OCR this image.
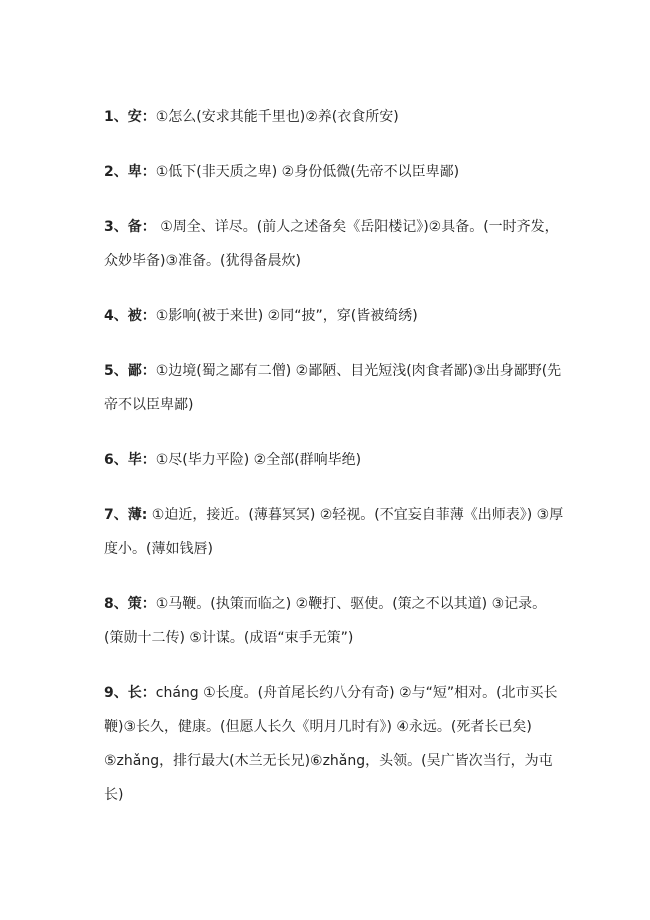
1、安：①怎么(安求其能千里也)②养(衣食所安)

2、卑：①低下(非天质之卑) ②身份低微(先帝不以臣卑鄙)

3、备： ①周全、详尽。(前人之述备矣《岳阳楼记》)②具备。(一时齐发，众妙毕备)③准备。(犹得备晨炊)

4、被：①影响(被于来世) ②同“披”，穿(皆被绮绣)

5、鄙：①边境(蜀之鄙有二僧) ②鄙陋、目光短浅(肉食者鄙)③出身鄙野(先帝不以臣卑鄙)

6、毕：①尽(毕力平险) ②全部(群响毕绝)

7、薄: ①迫近，接近。(薄暮冥冥) ②轻视。(不宜妄自菲薄《出师表》) ③厚度小。(薄如钱唇)

8、策：①马鞭。(执策而临之) ②鞭打、驱使。(策之不以其道) ③记录。(策勋十二传) ⑤计谋。(成语“束手无策”)

9、长：cháng ①长度。(舟首尾长约八分有奇) ②与“短”相对。(北市买长鞭)③长久，健康。(但愿人长久《明月几时有》) ④永远。(死者长已矣) ⑤zhǎng，排行最大(木兰无长兄)⑥zhǎng，头领。(吴广皆次当行，为屯长)
